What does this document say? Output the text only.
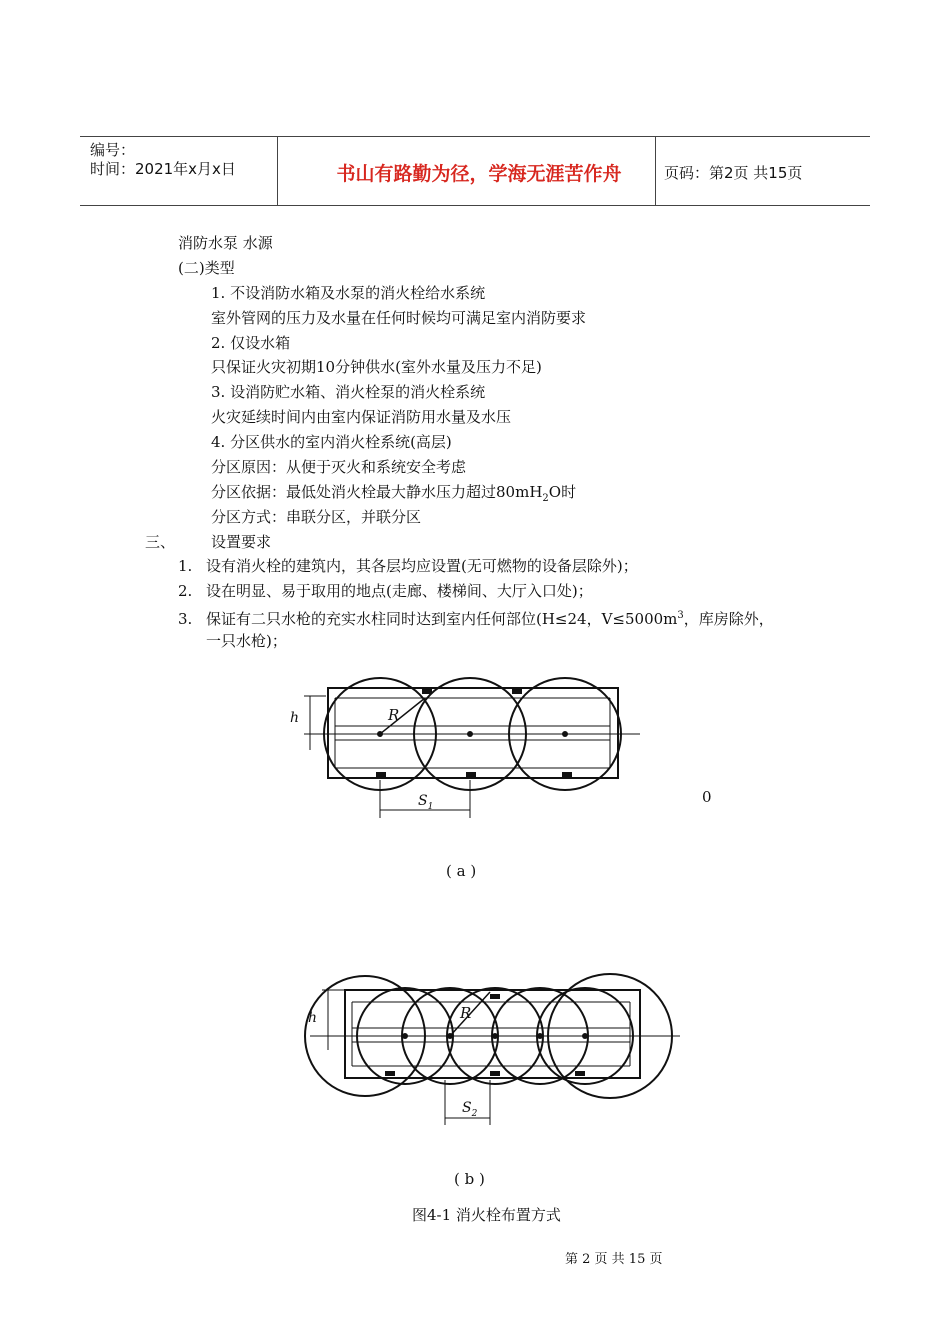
编号：
时间：2021年x月x日	书山有路勤为径，学海无涯苦作舟	页码：第2页 共15页
消防水泵 水源
(二)类型
1. 不设消防水箱及水泵的消火栓给水系统
室外管网的压力及水量在任何时候均可满足室内消防要求
2. 仅设水箱
只保证火灾初期10分钟供水(室外水量及压力不足)
3. 设消防贮水箱、消火栓泵的消火栓系统
火灾延续时间内由室内保证消防用水量及水压
4. 分区供水的室内消火栓系统(高层)
分区原因：从便于灭火和系统安全考虑
分区依据：最低处消火栓最大静水压力超过$80mH_2O$时
分区方式：串联分区，并联分区
三、 设置要求
1. 设有消火栓的建筑内，其各层均应设置(无可燃物的设备层除外)；
2. 设在明显、易于取用的地点(走廊、楼梯间、大厅入口处)；
3. 保证有二只水枪的充实水柱同时达到室内任何部位(H≤24，$V\le 5000m^3$，库房除外，
一只水枪)；
h	R
$S_1$
0
( a )
h	R
$S_2$
( b )
图4-1 消火栓布置方式
第 2 页 共 15 页
